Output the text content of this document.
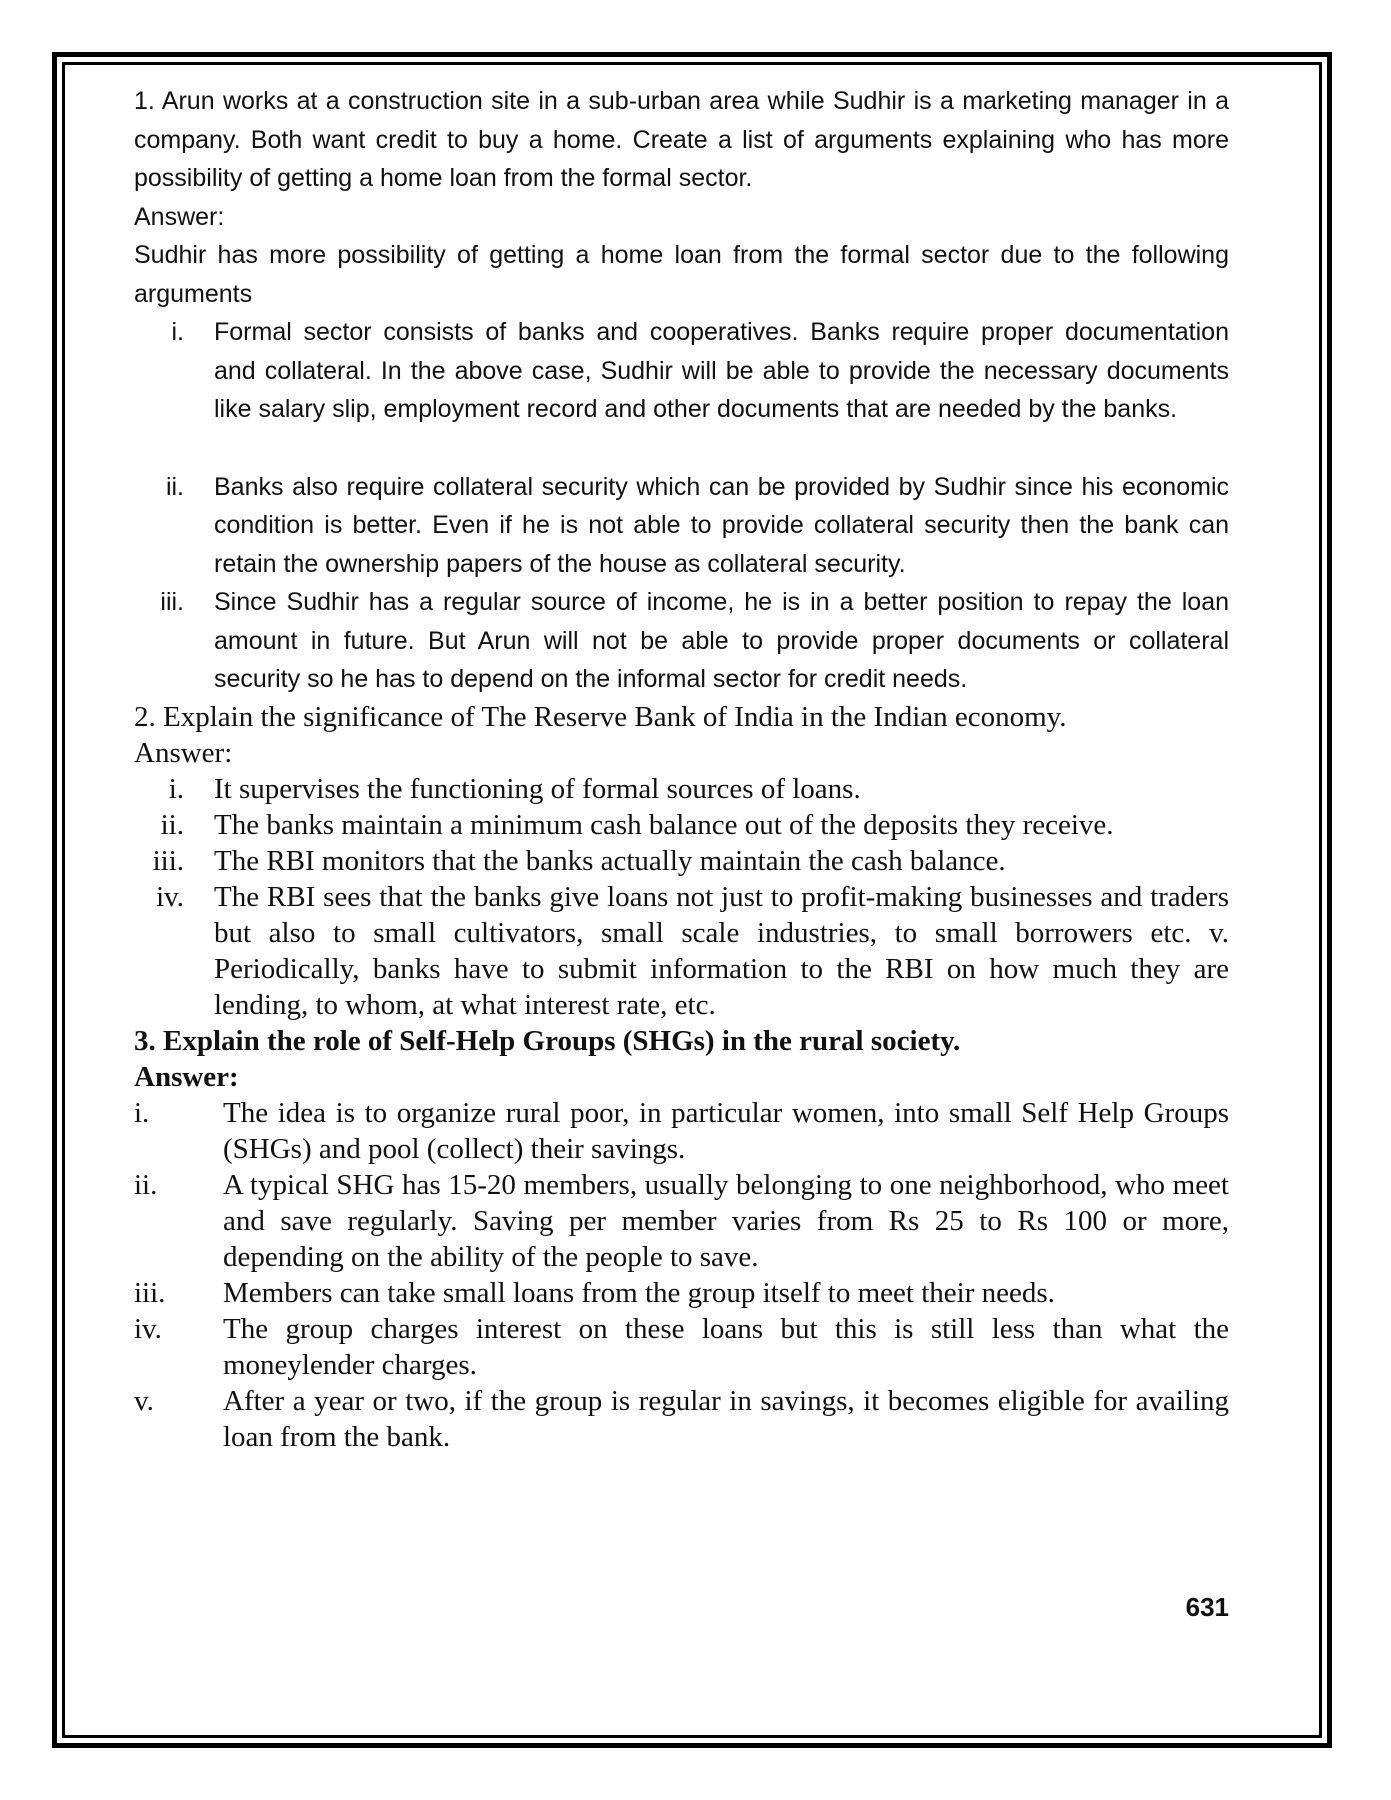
1. Arun works at a construction site in a sub-urban area while Sudhir is a marketing manager in a company. Both want credit to buy a home. Create a list of arguments explaining who has more possibility of getting a home loan from the formal sector.

Answer:

Sudhir has more possibility of getting a home loan from the formal sector due to the following arguments

i.	Formal sector consists of banks and cooperatives. Banks require proper documentation and collateral. In the above case, Sudhir will be able to provide the necessary documents like salary slip, employment record and other documents that are needed by the banks.
ii.	Banks also require collateral security which can be provided by Sudhir since his economic condition is better. Even if he is not able to provide collateral security then the bank can retain the ownership papers of the house as collateral security.
iii.	Since Sudhir has a regular source of income, he is in a better position to repay the loan amount in future. But Arun will not be able to provide proper documents or collateral security so he has to depend on the informal sector for credit needs.

2. Explain the significance of The Reserve Bank of India in the Indian economy.

Answer:

i.	It supervises the functioning of formal sources of loans.
ii.	The banks maintain a minimum cash balance out of the deposits they receive.
iii.	The RBI monitors that the banks actually maintain the cash balance.
iv.	The RBI sees that the banks give loans not just to profit-making businesses and traders but also to small cultivators, small scale industries, to small borrowers etc. v. Periodically, banks have to submit information to the RBI on how much they are lending, to whom, at what interest rate, etc.

3. Explain the role of Self-Help Groups (SHGs) in the rural society.

Answer:

i.	The idea is to organize rural poor, in particular women, into small Self Help Groups (SHGs) and pool (collect) their savings.
ii.	A typical SHG has 15-20 members, usually belonging to one neighborhood, who meet and save regularly. Saving per member varies from Rs 25 to Rs 100 or more, depending on the ability of the people to save.
iii.	Members can take small loans from the group itself to meet their needs.
iv.	The group charges interest on these loans but this is still less than what the moneylender charges.
v.	After a year or two, if the group is regular in savings, it becomes eligible for availing loan from the bank.
631
